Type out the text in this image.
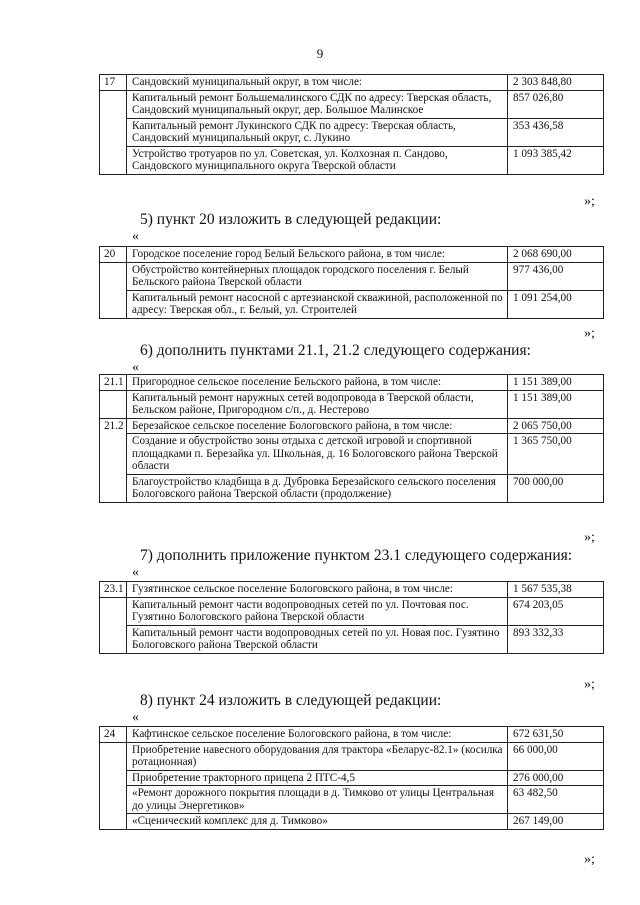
9
17	Сандовский муниципальный округ, в том числе:	2 303 848,80
	Капитальный ремонт Большемалинского СДК по адресу: Тверская область, Сандовский муниципальный округ, дер. Большое Малинское	857 026,80
	Капитальный ремонт Лукинского СДК по адресу: Тверская область, Сандовский муниципальный округ, с. Лукино	353 436,58
	Устройство тротуаров по ул. Советская, ул. Колхозная п. Сандово, Сандовского муниципального округа Тверской области	1 093 385,42
»;
5) пункт 20 изложить в следующей редакции:
«
20	Городское поселение город Белый Бельского района, в том числе:	2 068 690,00
	Обустройство контейнерных площадок городского поселения г. Белый Бельского района Тверской области	977 436,00
	Капитальный ремонт насосной с артезианской скважиной, расположенной по адресу: Тверская обл., г. Белый, ул. Строителей	1 091 254,00
»;
6) дополнить пунктами 21.1, 21.2 следующего содержания:
«
21.1	Пригородное сельское поселение Бельского района, в том числе:	1 151 389,00
	Капитальный ремонт наружных сетей водопровода в Тверской области, Бельском районе, Пригородном с/п., д. Нестерово	1 151 389,00
21.2	Березайское сельское поселение Бологовского района, в том числе:	2 065 750,00
	Создание и обустройство зоны отдыха с детской игровой и спортивной площадками п. Березайка ул. Школьная, д. 16 Бологовского района Тверской области	1 365 750,00
	Благоустройство кладбища в д. Дубровка Березайского сельского поселения Бологовского района Тверской области (продолжение)	700 000,00
»;
7) дополнить приложение пунктом 23.1 следующего содержания:
«
23.1	Гузятинское сельское поселение Бологовского района, в том числе:	1 567 535,38
	Капитальный ремонт части водопроводных сетей по ул. Почтовая пос. Гузятино Бологовского района Тверской области	674 203,05
	Капитальный ремонт части водопроводных сетей по ул. Новая пос. Гузятино Бологовского района Тверской области	893 332,33
»;
8) пункт 24 изложить в следующей редакции:
«
24	Кафтинское сельское поселение Бологовского района, в том числе:	672 631,50
	Приобретение навесного оборудования для трактора «Беларус-82.1» (косилка ротационная)	66 000,00
	Приобретение тракторного прицепа 2 ПТС-4,5	276 000,00
	«Ремонт дорожного покрытия площади в д. Тимково от улицы Центральная до улицы Энергетиков»	63 482,50
	«Сценический комплекс для д. Тимково»	267 149,00
»;
